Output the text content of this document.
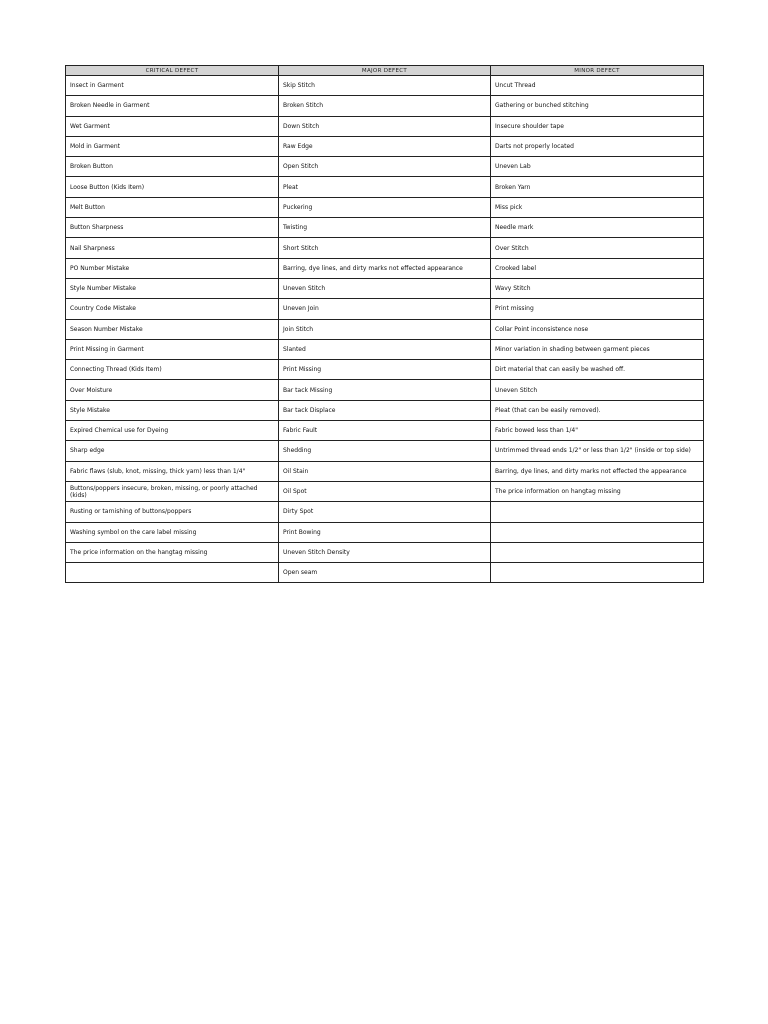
CRITICAL DEFECT	MAJOR DEFECT	MINOR DEFECT
Insect in Garment	Skip Stitch	Uncut Thread
Broken Needle in Garment	Broken Stitch	Gathering or bunched stitching
Wet Garment	Down Stitch	Insecure shoulder tape
Mold in Garment	Raw Edge	Darts not properly located
Broken Button	Open Stitch	Uneven Lab
Loose Button (Kids Item)	Pleat	Broken Yarn
Melt Button	Puckering	Miss pick
Button Sharpness	Twisting	Needle mark
Nail Sharpness	Short Stitch	Over Stitch
PO Number Mistake	Barring, dye lines, and dirty marks not effected appearance	Crooked label
Style Number Mistake	Uneven Stitch	Wavy Stitch
Country Code Mistake	Uneven Join	Print missing
Season Number Mistake	Join Stitch	Collar Point inconsistence nose
Print Missing in Garment	Slanted	Minor variation in shading between garment pieces
Connecting Thread (Kids Item)	Print Missing	Dirt material that can easily be washed off.
Over Moisture	Bar tack Missing	Uneven Stitch
Style Mistake	Bar tack Displace	Pleat (that can be easily removed).
Expired Chemical use for Dyeing	Fabric Fault	Fabric bowed less than 1/4"
Sharp edge	Shedding	Untrimmed thread ends 1/2" or less than 1/2" (inside or top side)
Fabric flaws (slub, knot, missing, thick yarn) less than 1/4"	Oil Stain	Barring, dye lines, and dirty marks not effected the appearance
Buttons/poppers insecure, broken, missing, or poorly attached (kids)	Oil Spot	The price information on hangtag missing
Rusting or tarnishing of buttons/poppers	Dirty Spot	
Washing symbol on the care label missing	Print Bowing	
The price information on the hangtag missing	Uneven Stitch Density	
	Open seam	
